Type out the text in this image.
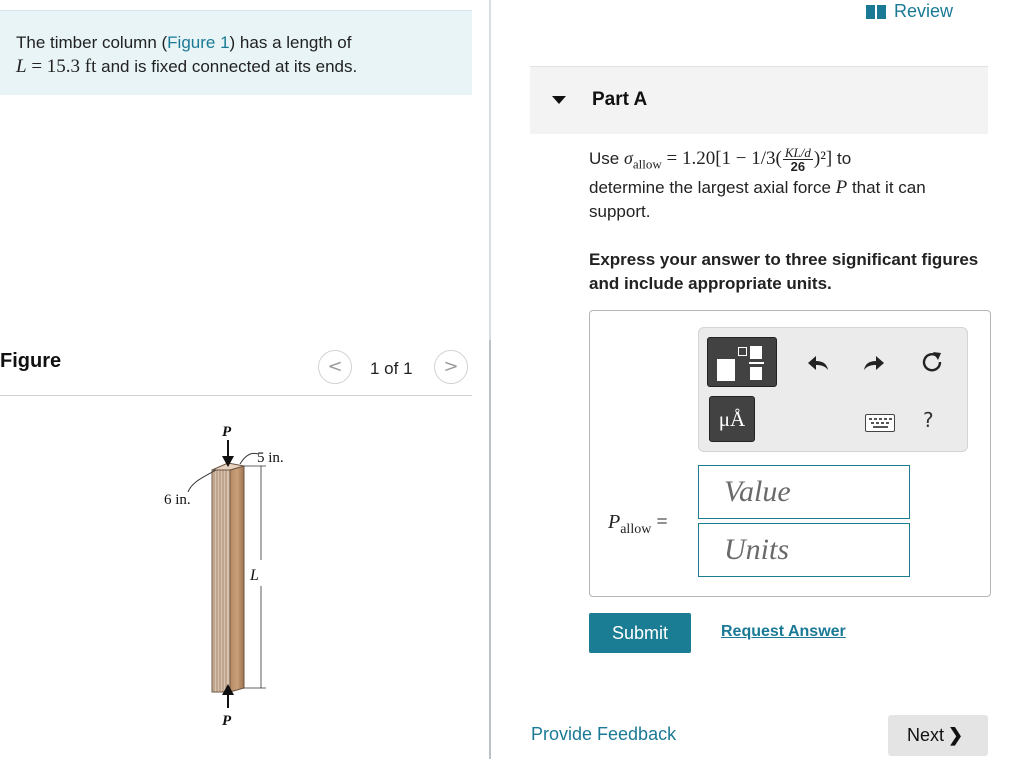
The timber column (Figure 1) has a length of
L = 15.3 ft and is fixed connected at its ends.
Figure	<	1 of 1	>
P
P
5 in.
6 in.
L
Review
Part A
Use $\sigma_{allow} = 1.20[1 - 1/3( \frac{KL/d}{26} )^2]$ to
determine the largest axial force P that it can support.
Express your answer to three significant figures and include appropriate units.
μÅ	?
$P_{allow}$ =
Value
Units
Submit	Request Answer
Provide Feedback	Next ❯
